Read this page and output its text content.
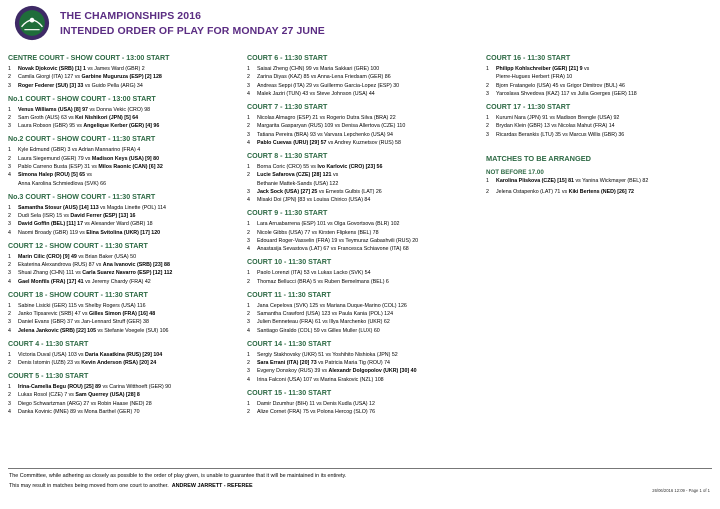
THE CHAMPIONSHIPS 2016
INTENDED ORDER OF PLAY FOR MONDAY 27 JUNE
CENTRE COURT - SHOW COURT - 13:00 START
1 Novak Djokovic (SRB) [1] 1 vs James Ward (GBR) 2
2 Camila Giorgi (ITA) 127 vs Garbine Muguruza (ESP) [2] 128
3 Roger Federer (SUI) [3] 33 vs Guido Pella (ARG) 34
No.1 COURT - SHOW COURT - 13:00 START
1 Venus Williams (USA) [8] 97 vs Donna Vekic (CRO) 98
2 Sam Groth (AUS) 63 vs Kei Nishikori (JPN) [5] 64
3 Laura Robson (GBR) 95 vs Angelique Kerber (GER) [4] 96
No.2 COURT - SHOW COURT - 11:30 START
1 Kyle Edmund (GBR) 3 vs Adrian Mannarino (FRA) 4
2 Laura Siegemund (GER) 79 vs Madison Keys (USA) [9] 80
3 Pablo Carreno Busta (ESP) 31 vs Milos Raonic (CAN) [6] 32
4 Simona Halep (ROU) [5] 65 vs
Anna Karolina Schmiedlova (SVK) 66
No.3 COURT - SHOW COURT - 11:30 START
1 Samantha Stosur (AUS) [14] 113 vs Magda Linette (POL) 114
2 Dudi Sela (ISR) 15 vs David Ferrer (ESP) [13] 16
3 David Goffin (BEL) [11] 17 vs Alexander Ward (GBR) 18
4 Naomi Broady (GBR) 119 vs Elina Svitolina (UKR) [17] 120
COURT 12 - SHOW COURT - 11:30 START
1 Marin Cilic (CRO) [9] 49 vs Brian Baker (USA) 50
2 Ekaterina Alexandrova (RUS) 87 vs Ana Ivanovic (SRB) [23] 88
3 Shuai Zhang (CHN) 111 vs Carla Suarez Navarro (ESP) [12] 112
4 Gael Monfils (FRA) [17] 41 vs Jeremy Chardy (FRA) 42
COURT 18 - SHOW COURT - 11:30 START
1 Sabine Lisicki (GER) 115 vs Shelby Rogers (USA) 116
2 Janko Tipsarevic (SRB) 47 vs Gilles Simon (FRA) [16] 48
3 Daniel Evans (GBR) 37 vs Jan-Lennard Struff (GER) 38
4 Jelena Jankovic (SRB) [22] 105 vs Stefanie Voegele (SUI) 106
COURT 4 - 11:30 START
1 Victoria Duval (USA) 103 vs Daria Kasatkina (RUS) [29] 104
2 Denis Istomin (UZB) 23 vs Kevin Anderson (RSA) [20] 24
COURT 5 - 11:30 START
1 Irina-Camelia Begu (ROU) [25] 89 vs Carina Witthoeft (GER) 90
2 Lukas Rosol (CZE) 7 vs Sam Querrey (USA) [28] 8
3 Diego Schwartzman (ARG) 27 vs Robin Haase (NED) 28
4 Danka Kovinic (MNE) 89 vs Mona Barthel (GER) 70
COURT 6 - 11:30 START
1 Saisai Zheng (CHN) 99 vs Maria Sakkari (GRE) 100
2 Zarina Diyas (KAZ) 85 vs Anna-Lena Friedsam (GER) 86
3 Andreas Seppi (ITA) 29 vs Guillermo Garcia-Lopez (ESP) 30
4 Malek Jaziri (TUN) 43 vs Steve Johnson (USA) 44
COURT 7 - 11:30 START
1 Nicolas Almagro (ESP) 21 vs Rogerio Dutra Silva (BRA) 22
2 Margarita Gasparyan (RUS) 109 vs Denisa Allertova (CZE) 110
3 Tatiana Pereira (BRA) 93 vs Varvara Lepchenko (USA) 94
4 Pablo Cuevas (URU) [29] 57 vs Andrey Kuznetsov (RUS) 58
COURT 8 - 11:30 START
1 Borna Coric (CRO) 55 vs Ivo Karlovic (CRO) [23] 56
2 Lucie Safarova (CZE) [28] 121 vs
Bethanie Mattek-Sands (USA) 122
3 Jack Sock (USA) [27] 25 vs Ernests Gulbis (LAT) 26
4 Misaki Doi (JPN) [83 vs Louisa Chirico (USA) 84
COURT 9 - 11:30 START
1 Lara Arruabarrena (ESP) 101 vs Olga Govortsova (BLR) 102
2 Nicole Gibbs (USA) 77 vs Kirsten Flipkens (BEL) 78
3 Edouard Roger-Vasselin (FRA) 19 vs Teymuraz Gabashvili (RUS) 20
4 Anastasija Sevastova (LAT) 67 vs Francesca Schiavone (ITA) 68
COURT 10 - 11:30 START
1 Paolo Lorenzi (ITA) 53 vs Lukas Lacko (SVK) 54
2 Thomaz Bellucci (BRA) 5 vs Ruben Bemelmans (BEL) 6
COURT 11 - 11:30 START
1 Jana Cepelova (SVK) 125 vs Mariana Duque-Marino (COL) 126
2 Samantha Crawford (USA) 123 vs Paula Kania (POL) 124
3 Julien Benneteau (FRA) 61 vs Illya Marchenko (UKR) 62
4 Santiago Giraldo (COL) 59 vs Gilles Muller (LUX) 60
COURT 14 - 11:30 START
1 Sergiy Stakhovsky (UKR) 51 vs Yoshihito Nishioka (JPN) 52
2 Sara Errani (ITA) [20] 73 vs Patricia Maria Tig (ROU) 74
3 Evgeny Donskoy (RUS) 39 vs Alexandr Dolgopolov (UKR) [30] 40
4 Irina Falconi (USA) 107 vs Marina Erakovic (NZL) 108
COURT 15 - 11:30 START
1 Damir Dzumhur (BIH) 11 vs Denis Kudla (USA) 12
2 Alize Cornet (FRA) 75 vs Polona Hercog (SLO) 76
COURT 16 - 11:30 START
1 Philipp Kohlschreiber (GER) [21] 9 vs
Pierre-Hugues Herbert (FRA) 10
2 Bjorn Fratangelo (USA) 45 vs Grigor Dimitrov (BUL) 46
3 Yaroslava Shvedova (KAZ) 117 vs Julia Goerges (GER) 118
COURT 17 - 11:30 START
1 Kurumi Nara (JPN) 91 vs Madison Brengle (USA) 92
2 Brydan Klein (GBR) 13 vs Nicolas Mahut (FRA) 14
3 Ricardas Berankis (LTU) 35 vs Marcus Willis (GBR) 36
MATCHES TO BE ARRANGED
NOT BEFORE 17.00
1 Karolina Pliskova (CZE) [15] 81 vs Yanina Wickmayer (BEL) 82
2 Jelena Ostapenko (LAT) 71 vs Kiki Bertens (NED) [26] 72
The Committee, while adhering as closely as possible to the order of play given, is unable to guarantee that it will be maintained in its entirety.
This may result in matches being moved from one court to another. ANDREW JARRETT - REFEREE
26/06/2016 12:09 - Page 1 of 1
